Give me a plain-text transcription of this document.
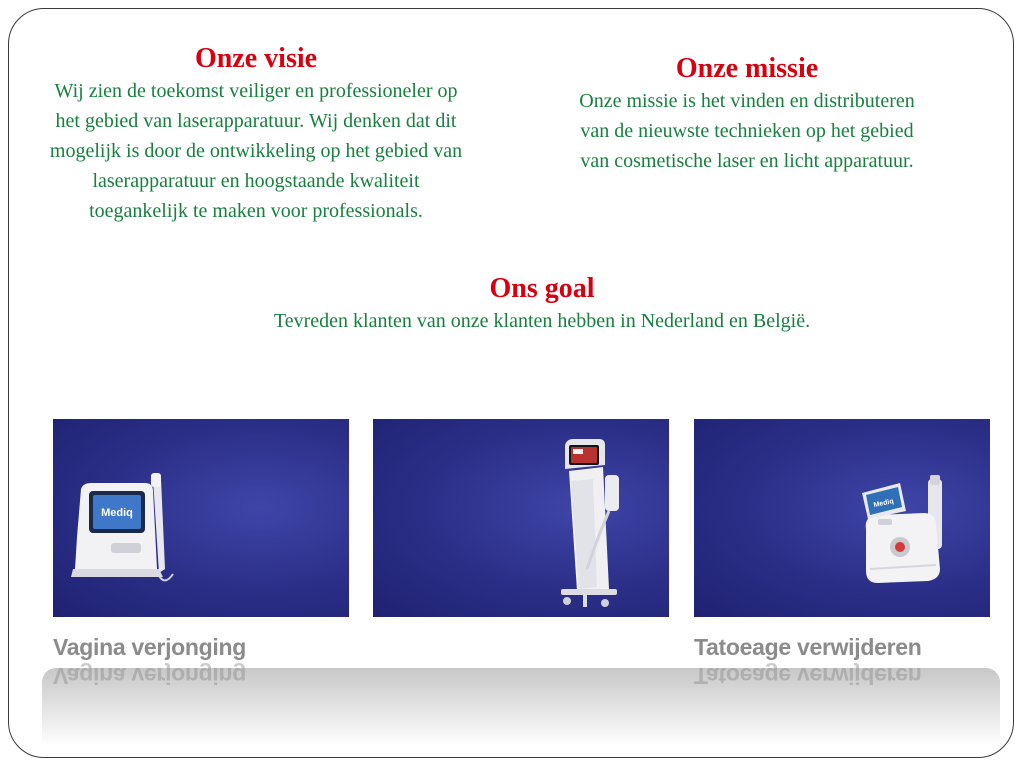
Onze visie
Wij zien de toekomst veiliger en professioneler op
het gebied van laserapparatuur. Wij denken dat dit
mogelijk is door de ontwikkeling op het gebied van
laserapparatuur en hoogstaande kwaliteit
toegankelijk te maken voor professionals.
Onze missie
Onze missie is het vinden en distributeren
van de nieuwste technieken op het gebied
van cosmetische laser en licht apparatuur.
Ons goal
Tevreden klanten van onze klanten hebben in Nederland en België.
Mediq
Mediq
Vagina verjonging	Tatoeage verwijderen
Vagina verjonging	Tatoeage verwijderen
